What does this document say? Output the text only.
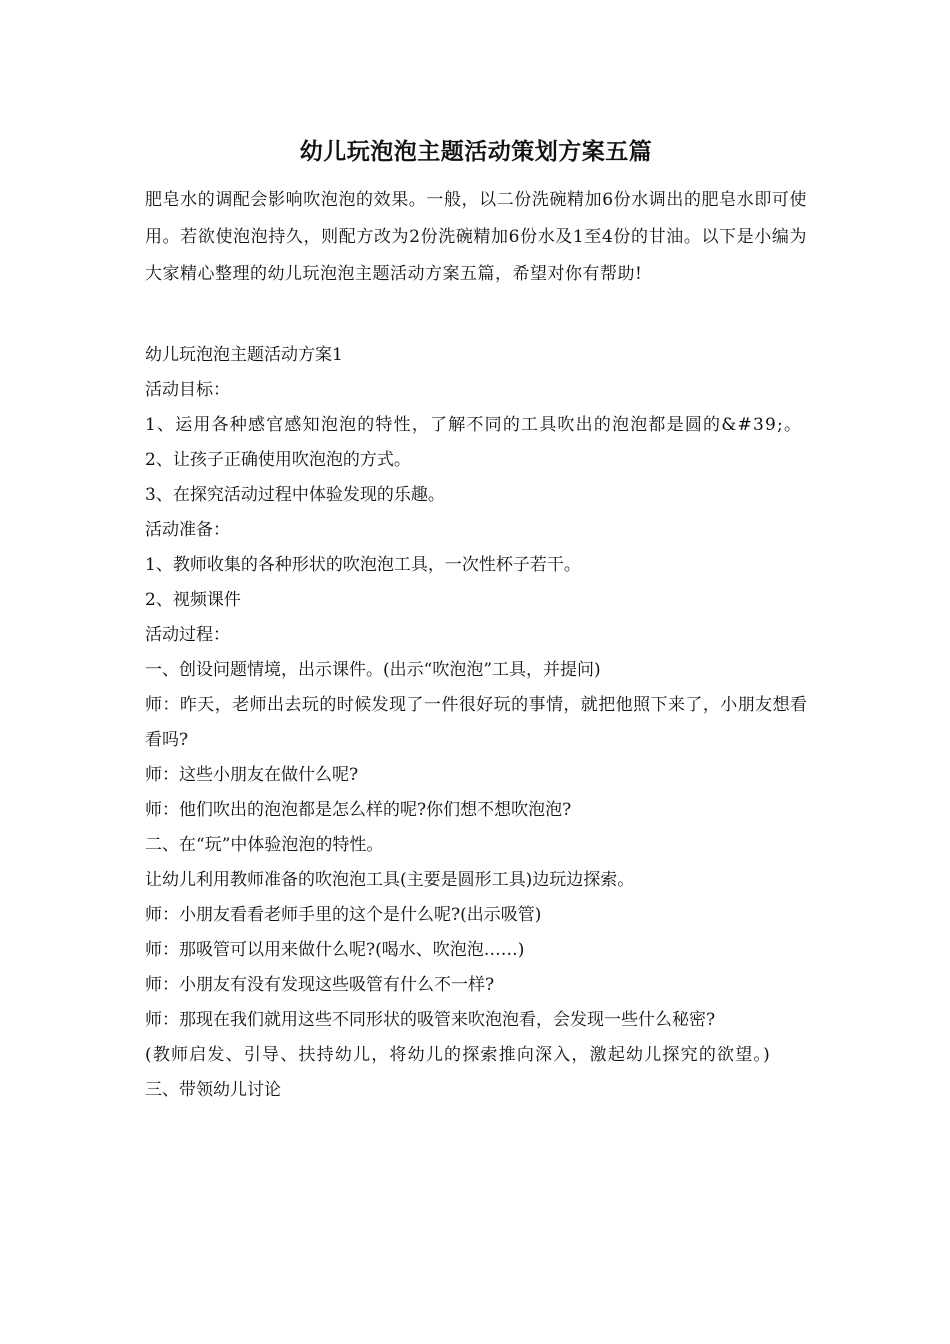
幼儿玩泡泡主题活动策划方案五篇

肥皂水的调配会影响吹泡泡的效果。一般，以二份洗碗精加6份水调出的肥皂水即可使用。若欲使泡泡持久，则配方改为2份洗碗精加6份水及1至4份的甘油。以下是小编为大家精心整理的幼儿玩泡泡主题活动方案五篇，希望对你有帮助!

幼儿玩泡泡主题活动方案1

活动目标：

1、运用各种感官感知泡泡的特性，了解不同的工具吹出的泡泡都是圆的&#39;。

2、让孩子正确使用吹泡泡的方式。

3、在探究活动过程中体验发现的乐趣。

活动准备：

1、教师收集的各种形状的吹泡泡工具，一次性杯子若干。

2、视频课件

活动过程：

一、创设问题情境，出示课件。(出示“吹泡泡”工具，并提问)

师：昨天，老师出去玩的时候发现了一件很好玩的事情，就把他照下来了，小朋友想看看吗?

师：这些小朋友在做什么呢?

师：他们吹出的泡泡都是怎么样的呢?你们想不想吹泡泡?

二、在“玩”中体验泡泡的特性。

让幼儿利用教师准备的吹泡泡工具(主要是圆形工具)边玩边探索。

师：小朋友看看老师手里的这个是什么呢?(出示吸管)

师：那吸管可以用来做什么呢?(喝水、吹泡泡……)

师：小朋友有没有发现这些吸管有什么不一样?

师：那现在我们就用这些不同形状的吸管来吹泡泡看，会发现一些什么秘密?

(教师启发、引导、扶持幼儿，将幼儿的探索推向深入，激起幼儿探究的欲望。)

三、带领幼儿讨论
